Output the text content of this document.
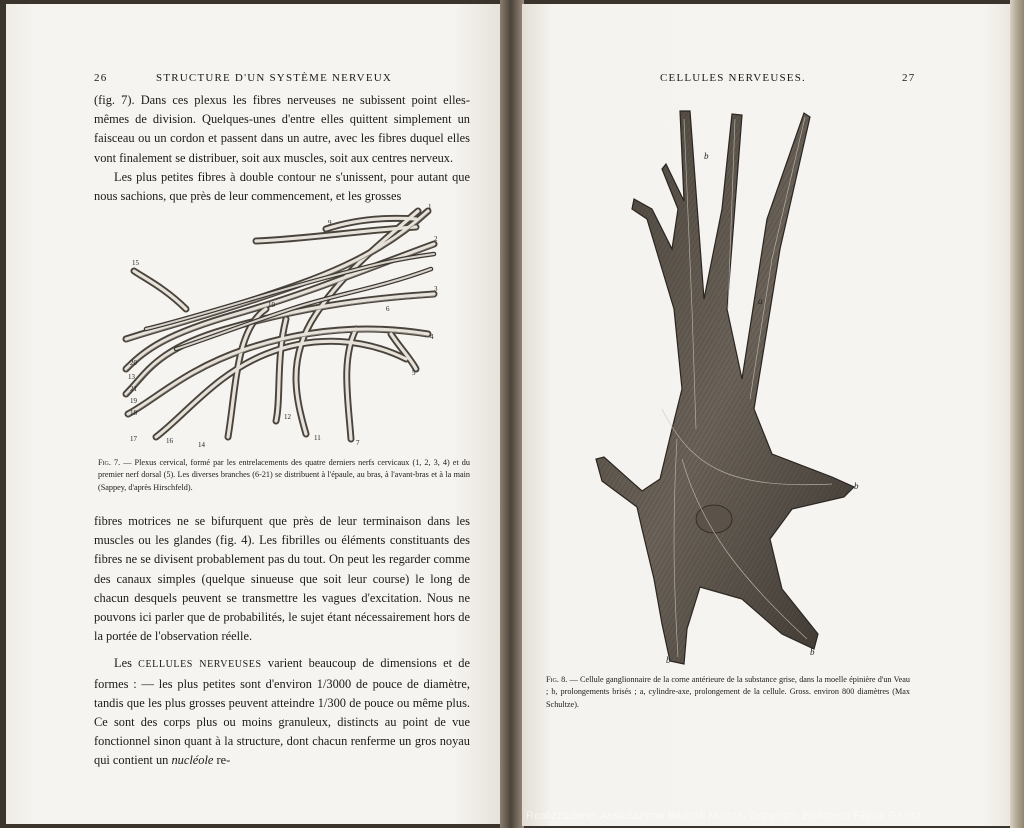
26	STRUCTURE D'UN SYSTÈME NERVEUX

(fig. 7). Dans ces plexus les fibres nerveuses ne subissent point elles-mêmes de division. Quelques-unes d'entre elles quittent simplement un faisceau ou un cordon et passent dans un autre, avec les fibres duquel elles vont finalement se distribuer, soit aux muscles, soit aux centres nerveux.

Les plus petites fibres à double contour ne s'unissent, pour autant que nous sachions, que près de leur commencement, et les grosses

1
2
3
4
5
6
7
9
10
11
12
13
14
15
16
17
18
19
20
21
Fig. 7. — Plexus cervical, formé par les entrelacements des quatre derniers nerfs cervicaux (1, 2, 3, 4) et du premier nerf dorsal (5). Les diverses branches (6-21) se distribuent à l'épaule, au bras, à l'avant-bras et à la main (Sappey, d'après Hirschfeld).

fibres motrices ne se bifurquent que près de leur terminaison dans les muscles ou les glandes (fig. 4). Les fibrilles ou éléments constituants des fibres ne se divisent probablement pas du tout. On peut les regarder comme des canaux simples (quelque sinueuse que soit leur course) le long de chacun desquels peuvent se transmettre les vagues d'excitation. Nous ne pouvons ici parler que de probabilités, le sujet étant nécessairement hors de la portée de l'observation réelle.

Les CELLULES NERVEUSES varient beaucoup de dimensions et de formes : — les plus petites sont d'environ 1/3000 de pouce de diamètre, tandis que les plus grosses peuvent atteindre 1/300 de pouce ou même plus. Ce sont des corps plus ou moins granuleux, distincts au point de vue fonctionnel sinon quant à la structure, dont chacun renferme un gros noyau qui contient un nucléole re-

CELLULES NERVEUSES.	27
b
a
b
b
b
Fig. 8. — Cellule ganglionnaire de la corne antérieure de la substance grise, dans la moelle épinière d'un Veau ; b, prolongements brisés ; a, cylindre-axe, prolongement de la cellule. Gross. environ 800 diamètres (Max Schultze).
Realizzazione: Associazione Bibliofili Misinta. Copyright: Biblioteca Filippo Giunta
